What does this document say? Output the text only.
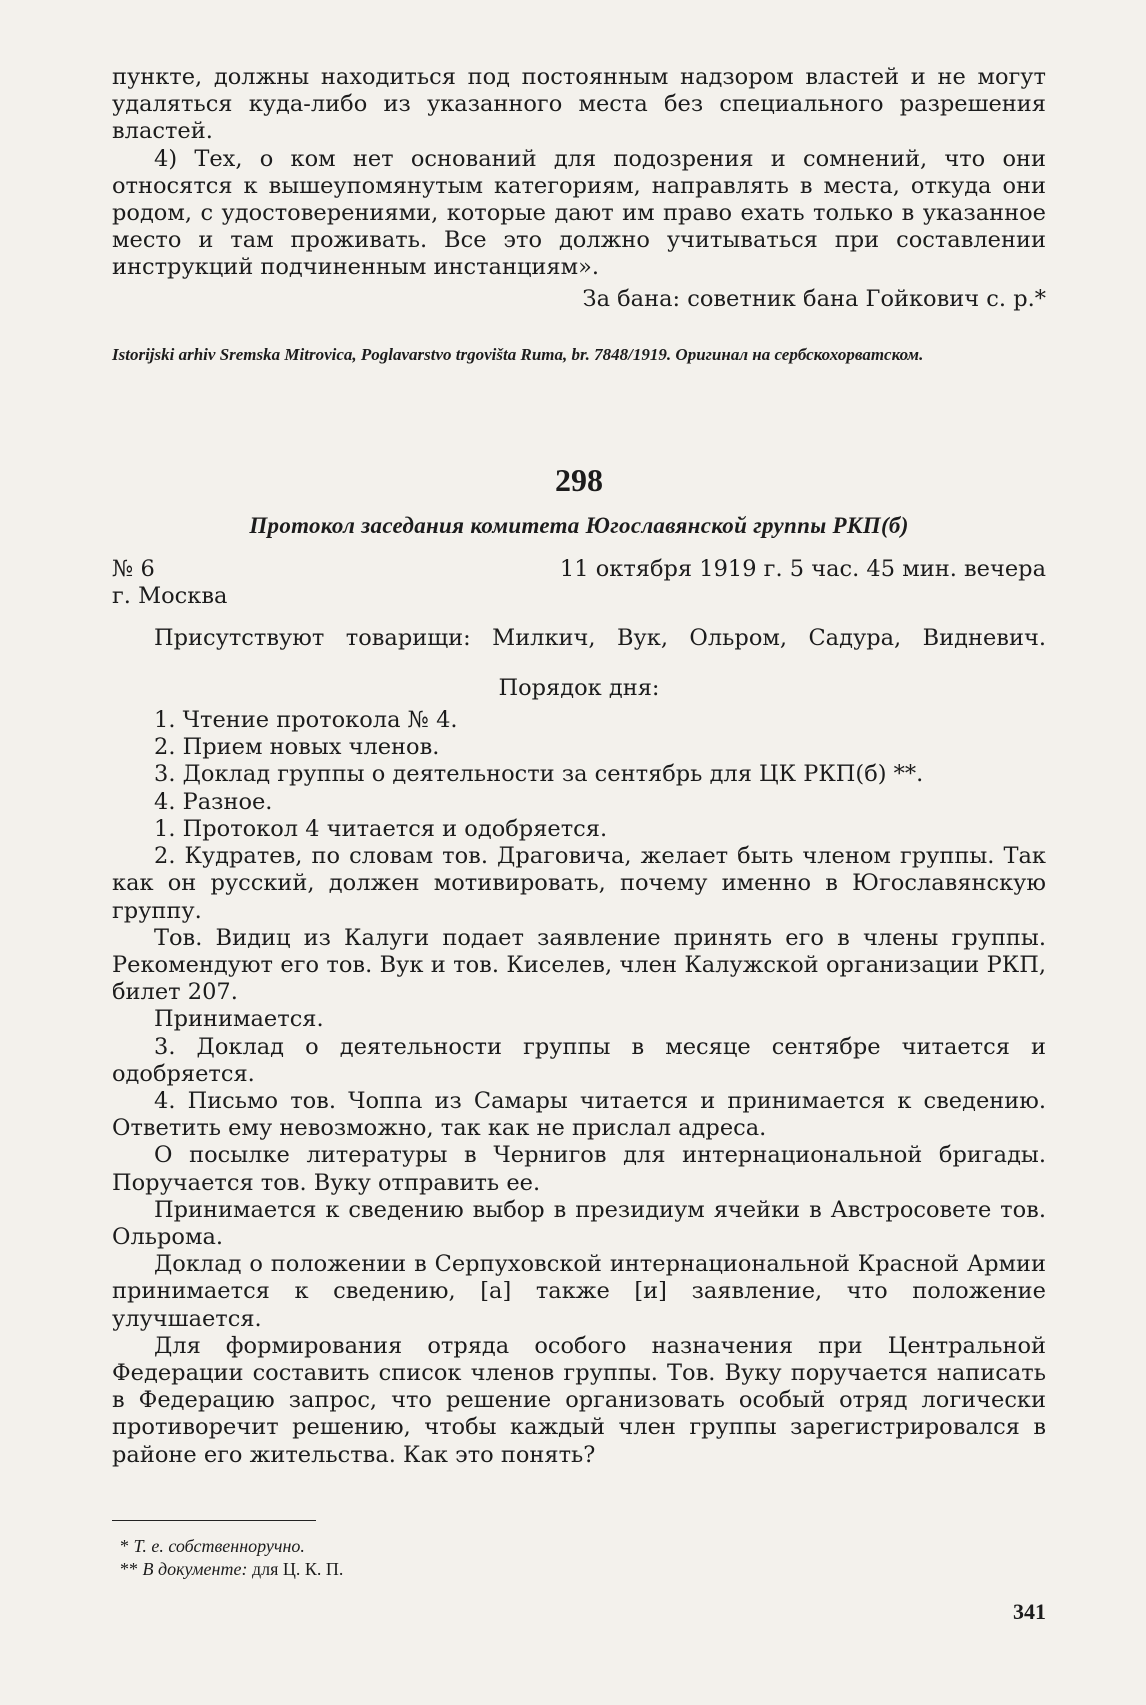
пункте, должны находиться под постоянным надзором властей и не могут удаляться куда-либо из указанного места без специального разрешения властей.

4) Тех, о ком нет оснований для подозрения и сомнений, что они относятся к вышеупомянутым категориям, направлять в места, откуда они родом, с удостоверениями, которые дают им право ехать только в указанное место и там проживать. Все это должно учитываться при составлении инструкций подчиненным инстанциям».

За бана: советник бана Гойкович с. р.*

Istorijski arhiv Sremska Mitrovica, Poglavarstvo trgovišta Ruma, br. 7848/1919. Оригинал на сербскохорватском.
298
Протокол заседания комитета Югославянской группы РКП(б)
№ 6	11 октября 1919 г. 5 час. 45 мин. вечера
г. Москва

Присутствуют товарищи: Милкич, Вук, Ольром, Садура, Видневич.

Порядок дня:

1. Чтение протокола № 4.

2. Прием новых членов.

3. Доклад группы о деятельности за сентябрь для ЦК РКП(б) **.

4. Разное.

1. Протокол 4 читается и одобряется.

2. Кудратев, по словам тов. Драговича, желает быть членом группы. Так как он русский, должен мотивировать, почему именно в Югославянскую группу.

Тов. Видиц из Калуги подает заявление принять его в члены группы. Рекомендуют его тов. Вук и тов. Киселев, член Калужской организации РКП, билет 207.

Принимается.

3. Доклад о деятельности группы в месяце сентябре читается и одобряется.

4. Письмо тов. Чоппа из Самары читается и принимается к сведению. Ответить ему невозможно, так как не прислал адреса.

О посылке литературы в Чернигов для интернациональной бригады. Поручается тов. Вуку отправить ее.

Принимается к сведению выбор в президиум ячейки в Австросовете тов. Ольрома.

Доклад о положении в Серпуховской интернациональной Красной Армии принимается к сведению, [а] также [и] заявление, что положение улучшается.

Для формирования отряда особого назначения при Центральной Федерации составить список членов группы. Тов. Вуку поручается написать в Федерацию запрос, что решение организовать особый отряд логически противоречит решению, чтобы каждый член группы зарегистрировался в районе его жительства. Как это понять?

* Т. е. собственноручно.
** В документе: для Ц. К. П.
341
